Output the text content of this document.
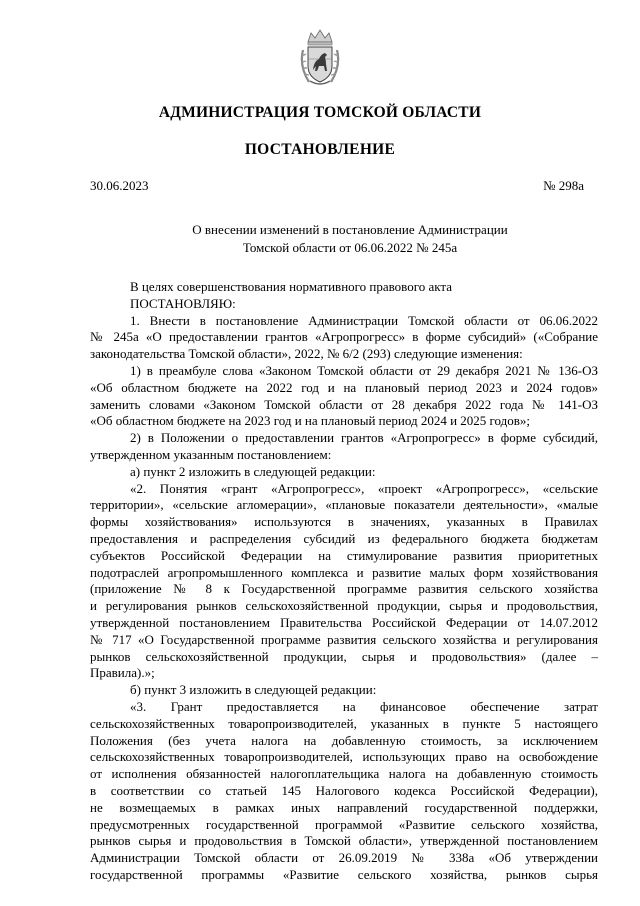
АДМИНИСТРАЦИЯ ТОМСКОЙ ОБЛАСТИ
ПОСТАНОВЛЕНИЕ
30.06.2023	№ 298а
О внесении изменений в постановление Администрации
Томской области от 06.06.2022 № 245а
В целях совершенствования нормативного правового акта
ПОСТАНОВЛЯЮ:
1. Внести в постановление Администрации Томской области от 06.06.2022
№ 245а «О предоставлении грантов «Агропрогресс» в форме субсидий» («Собрание
законодательства Томской области», 2022, № 6/2 (293) следующие изменения:
1) в преамбуле слова «Законом Томской области от 29 декабря 2021 № 136-ОЗ
«Об областном бюджете на 2022 год и на плановый период 2023 и 2024 годов»
заменить словами «Законом Томской области от 28 декабря 2022 года № 141-ОЗ
«Об областном бюджете на 2023 год и на плановый период 2024 и 2025 годов»;
2) в Положении о предоставлении грантов «Агропрогресс» в форме субсидий,
утвержденном указанным постановлением:
а) пункт 2 изложить в следующей редакции:
«2. Понятия «грант «Агропрогресс», «проект «Агропрогресс», «сельские
территории», «сельские агломерации», «плановые показатели деятельности», «малые
формы хозяйствования» используются в значениях, указанных в Правилах
предоставления и распределения субсидий из федерального бюджета бюджетам
субъектов Российской Федерации на стимулирование развития приоритетных
подотраслей агропромышленного комплекса и развитие малых форм хозяйствования
(приложение № 8 к Государственной программе развития сельского хозяйства
и регулирования рынков сельскохозяйственной продукции, сырья и продовольствия,
утвержденной постановлением Правительства Российской Федерации от 14.07.2012
№ 717 «О Государственной программе развития сельского хозяйства и регулирования
рынков сельскохозяйственной продукции, сырья и продовольствия» (далее –
Правила).»;
б) пункт 3 изложить в следующей редакции:
«3. Грант предоставляется на финансовое обеспечение затрат
сельскохозяйственных товаропроизводителей, указанных в пункте 5 настоящего
Положения (без учета налога на добавленную стоимость, за исключением
сельскохозяйственных товаропроизводителей, использующих право на освобождение
от исполнения обязанностей налогоплательщика налога на добавленную стоимость
в соответствии со статьей 145 Налогового кодекса Российской Федерации),
не возмещаемых в рамках иных направлений государственной поддержки,
предусмотренных государственной программой «Развитие сельского хозяйства,
рынков сырья и продовольствия в Томской области», утвержденной постановлением
Администрации Томской области от 26.09.2019 № 338а «Об утверждении
государственной программы «Развитие сельского хозяйства, рынков сырья
